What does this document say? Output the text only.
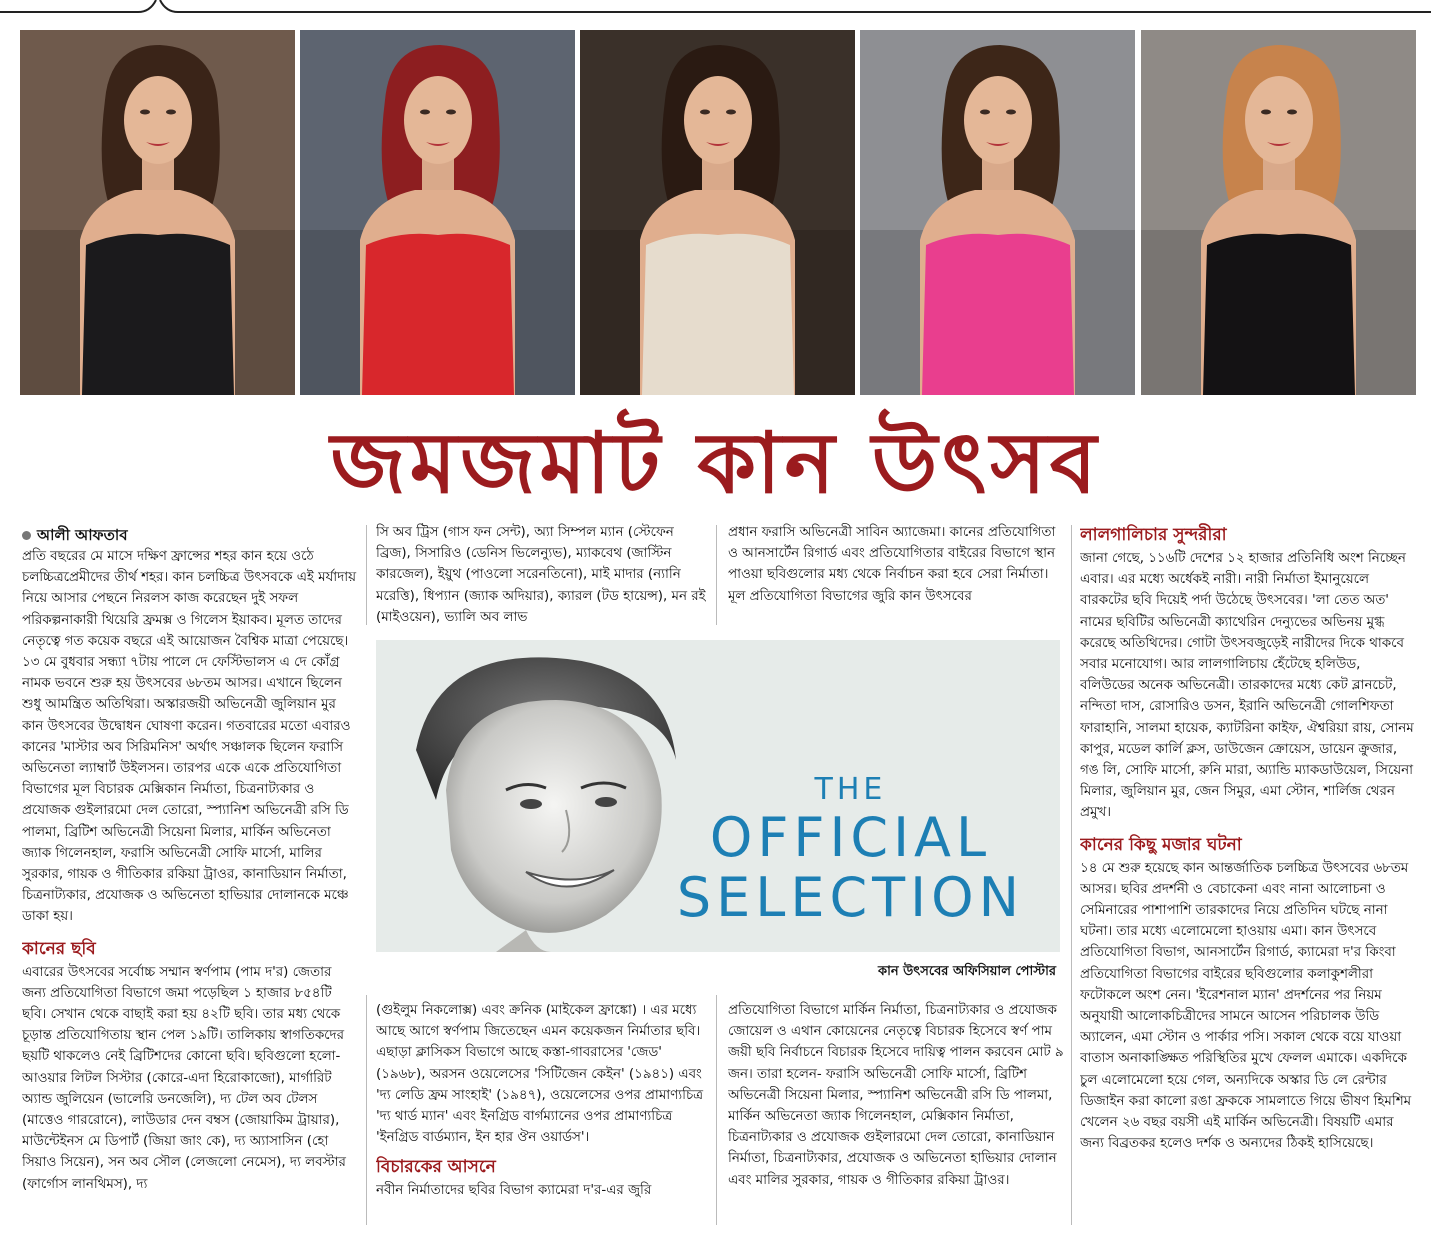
জমজমাট কান উৎসব
আলী আফতাব

প্রতি বছরের মে মাসে দক্ষিণ ফ্রান্সের শহর কান হয়ে ওঠে চলচ্চিত্রপ্রেমীদের তীর্থ শহর। কান চলচ্চিত্র উৎসবকে এই মর্যাদায় নিয়ে আসার পেছনে নিরলস কাজ করেছেন দুই সফল পরিকল্পনাকারী থিয়েরি ফ্রমক্স ও গিলেস ইয়াকব। মূলত তাদের নেতৃত্বে গত কয়েক বছরে এই আয়োজন বৈশ্বিক মাত্রা পেয়েছে। ১৩ মে বুধবার সন্ধ্যা ৭টায় পালে দে ফেস্টিভালস এ দে কোঁগ্র নামক ভবনে শুরু হয় উৎসবের ৬৮তম আসর। এখানে ছিলেন শুধু আমন্ত্রিত অতিথিরা। অস্কারজয়ী অভিনেত্রী জুলিয়ান মুর কান উৎসবের উদ্বোধন ঘোষণা করেন। গতবারের মতো এবারও কানের 'মাস্টার অব সিরিমনিস' অর্থাৎ সঞ্চালক ছিলেন ফরাসি অভিনেতা ল্যাম্বার্ট উইলসন। তারপর একে একে প্রতিযোগিতা বিভাগের মূল বিচারক মেক্সিকান নির্মাতা, চিত্রনাট্যকার ও প্রযোজক গুইলারমো দেল তোরো, স্প্যানিশ অভিনেত্রী রসি ডি পালমা, ব্রিটিশ অভিনেত্রী সিয়েনা মিলার, মার্কিন অভিনেতা জ্যাক গিলেনহাল, ফরাসি অভিনেত্রী সোফি মার্সো, মালির সুরকার, গায়ক ও গীতিকার রকিয়া ট্রাওর, কানাডিয়ান নির্মাতা, চিত্রনাট্যকার, প্রযোজক ও অভিনেতা হাভিয়ার দোলানকে মঞ্চে ডাকা হয়।

কানের ছবি

এবারের উৎসবের সর্বোচ্চ সম্মান স্বর্ণপাম (পাম দ'র) জেতার জন্য প্রতিযোগিতা বিভাগে জমা পড়েছিল ১ হাজার ৮৫৪টি ছবি। সেখান থেকে বাছাই করা হয় ৪২টি ছবি। তার মধ্য থেকে চূড়ান্ত প্রতিযোগিতায় স্থান পেল ১৯টি। তালিকায় স্বাগতিকদের ছয়টি থাকলেও নেই ব্রিটিশদের কোনো ছবি। ছবিগুলো হলো- আওয়ার লিটল সিস্টার (কোরে-এদা হিরোকাজো), মার্গারিট অ্যান্ড জুলিয়েন (ভালেরি ডনজেলি), দ্য টেল অব টেলস (মাত্তেও গাররোনে), লাউডার দেন বম্বস (জোয়াকিম ট্রায়ার), মাউন্টেইনস মে ডিপার্ট (জিয়া জাং কে), দ্য অ্যাসাসিন (হো সিয়াও সিয়েন), সন অব সৌল (লেজলো নেমেস), দ্য লবস্টার (ফার্গোস লানথিমস), দ্য

সি অব ট্রিস (গাস ফন সেন্ট), অ্যা সিম্পল ম্যান (স্টেফেন ব্রিজ), সিসারিও (ডেনিস ভিলেন্যুভ), ম্যাকবেথ (জাস্টিন কারজেল), ইয়ুথ (পাওলো সরেনতিনো), মাই মাদার (ন্যানি মরেত্তি), ধিপ্যান (জ্যাক অদিয়ার), ক্যারল (টড হায়েন্স), মন রই (মাইওয়েন), ভ্যালি অব লাভ

প্রধান ফরাসি অভিনেত্রী সাবিন অ্যাজেমা। কানের প্রতিযোগিতা ও আনসার্টেন রিগার্ড এবং প্রতিযোগিতার বাইরের বিভাগে স্থান পাওয়া ছবিগুলোর মধ্য থেকে নির্বাচন করা হবে সেরা নির্মাতা। মূল প্রতিযোগিতা বিভাগের জুরি কান উৎসবের

THE
OFFICIAL
SELECTION
কান উৎসবের অফিসিয়াল পোস্টার

(গুইলুম নিকলোক্স) এবং ক্রনিক (মাইকেল ফ্রাঙ্কো) । এর মধ্যে আছে আগে স্বর্ণপাম জিতেছেন এমন কয়েকজন নির্মাতার ছবি। এছাড়া ক্লাসিকস বিভাগে আছে কস্তা-গাবরাসের 'জেড' (১৯৬৮), অরসন ওয়েলেসের 'সিটিজেন কেইন' (১৯৪১) এবং 'দ্য লেডি ফ্রম সাংহাই' (১৯৪৭), ওয়েলেসের ওপর প্রামাণ্যচিত্র 'দ্য থার্ড ম্যান' এবং ইনগ্রিড বার্গম্যানের ওপর প্রামাণ্যচিত্র 'ইনগ্রিড বার্ডম্যান, ইন হার ঔন ওয়ার্ডস'।

বিচারকের আসনে

নবীন নির্মাতাদের ছবির বিভাগ ক্যামেরা দ'র-এর জুরি

প্রতিযোগিতা বিভাগে মার্কিন নির্মাতা, চিত্রনাট্যকার ও প্রযোজক জোয়েল ও এথান কোয়েনের নেতৃত্বে বিচারক হিসেবে স্বর্ণ পাম জয়ী ছবি নির্বাচনে বিচারক হিসেবে দায়িত্ব পালন করবেন মোট ৯ জন। তারা হলেন- ফরাসি অভিনেত্রী সোফি মার্সো, ব্রিটিশ অভিনেত্রী সিয়েনা মিলার, স্প্যানিশ অভিনেত্রী রসি ডি পালমা, মার্কিন অভিনেতা জ্যাক গিলেনহাল, মেক্সিকান নির্মাতা, চিত্রনাট্যকার ও প্রযোজক গুইলারমো দেল তোরো, কানাডিয়ান নির্মাতা, চিত্রনাট্যকার, প্রযোজক ও অভিনেতা হাভিয়ার দোলান এবং মালির সুরকার, গায়ক ও গীতিকার রকিয়া ট্রাওর।

লালগালিচার সুন্দরীরা

জানা গেছে, ১১৬টি দেশের ১২ হাজার প্রতিনিধি অংশ নিচ্ছেন এবার। এর মধ্যে অর্ধেকই নারী। নারী নির্মাতা ইমানুয়েলে বারকটের ছবি দিয়েই পর্দা উঠেছে উৎসবের। 'লা তেত অত' নামের ছবিটির অভিনেত্রী ক্যাথেরিন দেন্যুভের অভিনয় মুগ্ধ করেছে অতিথিদের। গোটা উৎসবজুড়েই নারীদের দিকে থাকবে সবার মনোযোগ। আর লালগালিচায় হেঁটেছে হলিউড, বলিউডের অনেক অভিনেত্রী। তারকাদের মধ্যে কেট ব্লানচেট, নন্দিতা দাস, রোসারিও ডসন, ইরানি অভিনেত্রী গোলশিফতা ফারাহানি, সালমা হায়েক, ক্যাটরিনা কাইফ, ঐশ্বরিয়া রায়, সোনম কাপুর, মডেল কার্লি ক্লস, ডাউজেন ক্রোয়েস, ডায়েন ক্রুজার, গঙ লি, সোফি মার্সো, রুনি মারা, অ্যান্ডি ম্যাকডাউয়েল, সিয়েনা মিলার, জুলিয়ান মুর, জেন সিমুর, এমা স্টোন, শার্লিজ থেরন প্রমুখ।

কানের কিছু মজার ঘটনা

১৪ মে শুরু হয়েছে কান আন্তর্জাতিক চলচ্চিত্র উৎসবের ৬৮তম আসর। ছবির প্রদর্শনী ও বেচাকেনা এবং নানা আলোচনা ও সেমিনারের পাশাপাশি তারকাদের নিয়ে প্রতিদিন ঘটছে নানা ঘটনা। তার মধ্যে এলোমেলো হাওয়ায় এমা। কান উৎসবে প্রতিযোগিতা বিভাগ, আনসার্টেন রিগার্ড, ক্যামেরা দ'র কিংবা প্রতিযোগিতা বিভাগের বাইরের ছবিগুলোর কলাকুশলীরা ফটোকলে অংশ নেন। 'ইরেশনাল ম্যান' প্রদর্শনের পর নিয়ম অনুযায়ী আলোকচিত্রীদের সামনে আসেন পরিচালক উডি অ্যালেন, এমা স্টোন ও পার্কার পসি। সকাল থেকে বয়ে যাওয়া বাতাস অনাকাঙ্ক্ষিত পরিস্থিতির মুখে ফেলল এমাকে। একদিকে চুল এলোমেলো হয়ে গেল, অন্যদিকে অস্কার ডি লে রেন্টার ডিজাইন করা কালো রঙা ফ্রককে সামলাতে গিয়ে ভীষণ হিমশিম খেলেন ২৬ বছর বয়সী এই মার্কিন অভিনেত্রী। বিষয়টি এমার জন্য বিব্রতকর হলেও দর্শক ও অন্যদের ঠিকই হাসিয়েছে।
